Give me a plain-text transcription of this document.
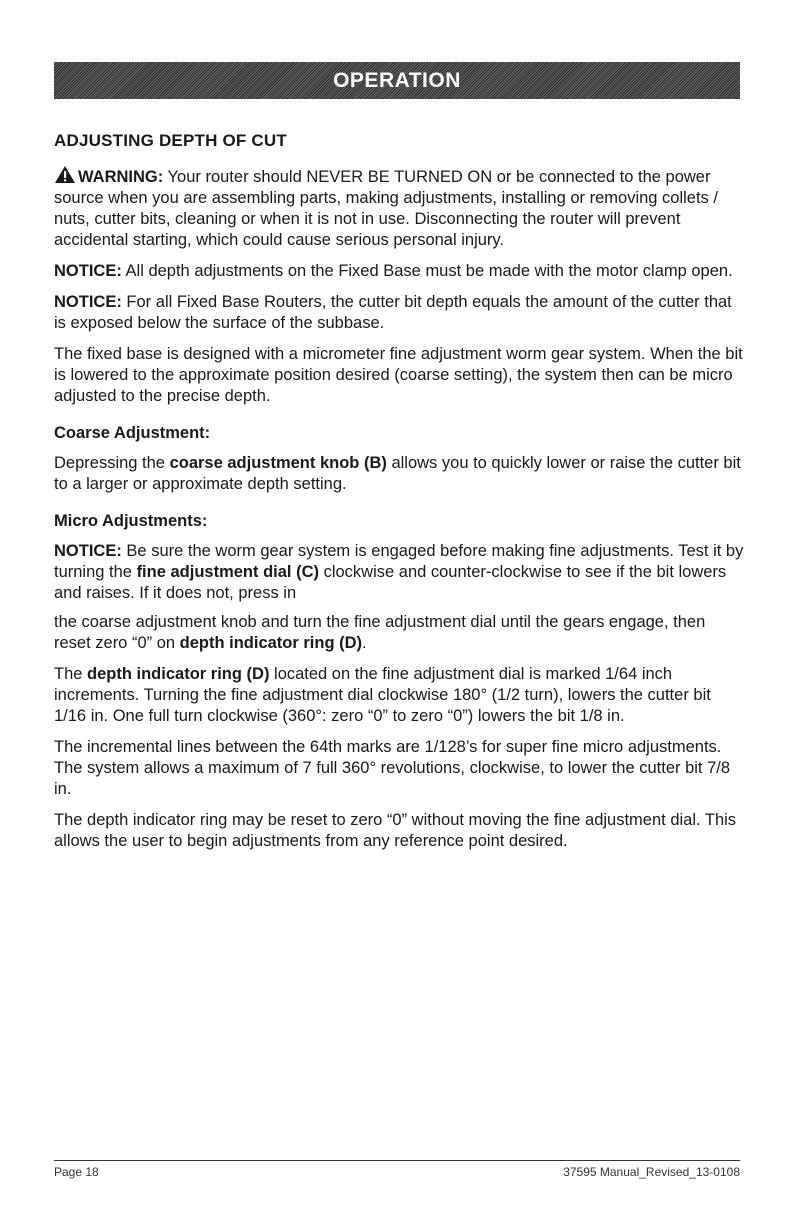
OPERATION
ADJUSTING DEPTH OF CUT

WARNING: Your router should NEVER BE TURNED ON or be connected to the power source when you are assembling parts, making adjustments, installing or removing collets / nuts, cutter bits, cleaning or when it is not in use. Disconnecting the router will prevent accidental starting, which could cause serious personal injury.

NOTICE: All depth adjustments on the Fixed Base must be made with the motor clamp open.

NOTICE: For all Fixed Base Routers, the cutter bit depth equals the amount of the cutter that is exposed below the surface of the subbase.

The fixed base is designed with a micrometer fine adjustment worm gear system. When the bit is lowered to the approximate position desired (coarse setting), the system then can be micro adjusted to the precise depth.

Coarse Adjustment:

Depressing the coarse adjustment knob (B) allows you to quickly lower or raise the cutter bit to a larger or approximate depth setting.

Micro Adjustments:

NOTICE: Be sure the worm gear system is engaged before making fine adjustments. Test it by turning the fine adjustment dial (C) clockwise and counter-clockwise to see if the bit lowers and raises. If it does not, press in

the coarse adjustment knob and turn the fine adjustment dial until the gears engage, then reset zero “0” on depth indicator ring (D).

The depth indicator ring (D) located on the fine adjustment dial is marked 1/64 inch increments. Turning the fine adjustment dial clockwise 180° (1/2 turn), lowers the cutter bit 1/16 in. One full turn clockwise (360°: zero “0” to zero “0”) lowers the bit 1/8 in.

The incremental lines between the 64th marks are 1/128’s for super fine micro adjustments. The system allows a maximum of 7 full 360° revolutions, clockwise, to lower the cutter bit 7/8 in.

The depth indicator ring may be reset to zero “0” without moving the fine adjustment dial. This allows the user to begin adjustments from any reference point desired.

Page 18	37595 Manual_Revised_13-0108
